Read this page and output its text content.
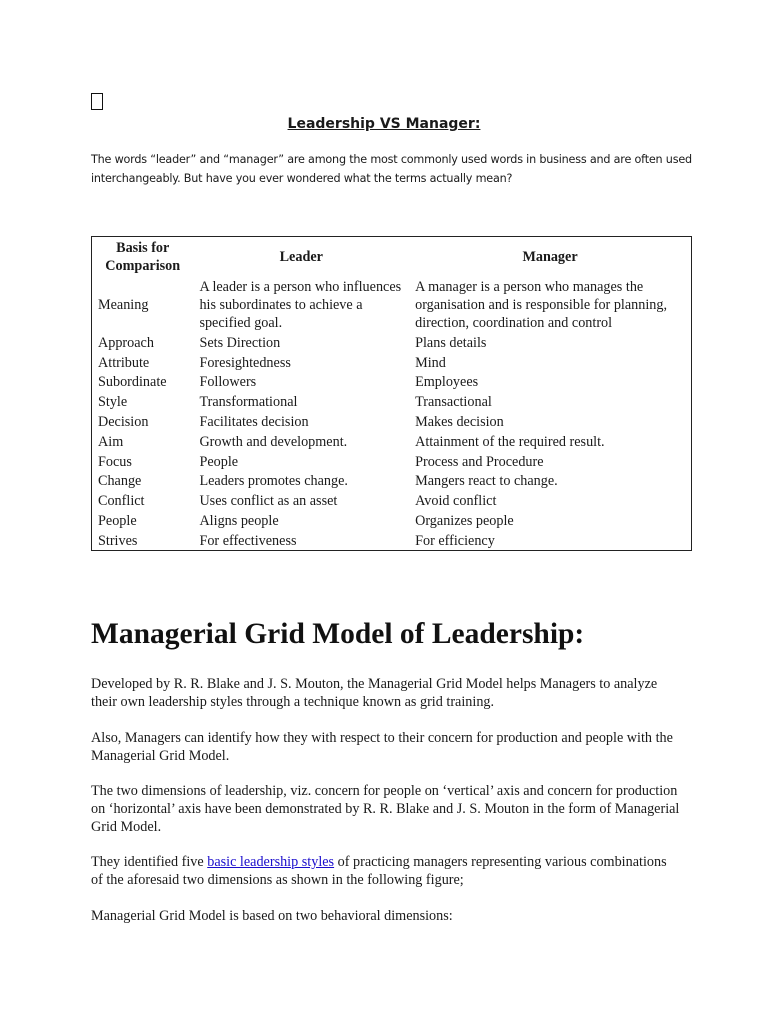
Leadership VS Manager:
The words “leader” and “manager” are among the most commonly used words in business and are often used interchangeably. But have you ever wondered what the terms actually mean?
Basis for Comparison	Leader	Manager
Meaning	A leader is a person who influences his subordinates to achieve a specified goal.	A manager is a person who manages the organisation and is responsible for planning, direction, coordination and control
Approach	Sets Direction	Plans details
Attribute	Foresightedness	Mind
Subordinate	Followers	Employees
Style	Transformational	Transactional
Decision	Facilitates decision	Makes decision
Aim	Growth and development.	Attainment of the required result.
Focus	People	Process and Procedure
Change	Leaders promotes change.	Mangers react to change.
Conflict	Uses conflict as an asset	Avoid conflict
People	Aligns people	Organizes people
Strives	For effectiveness	For efficiency
Managerial Grid Model of Leadership:
Developed by R. R. Blake and J. S. Mouton, the Managerial Grid Model helps Managers to analyze their own leadership styles through a technique known as grid training.
Also, Managers can identify how they with respect to their concern for production and people with the Managerial Grid Model.
The two dimensions of leadership, viz. concern for people on ‘vertical’ axis and concern for production on ‘horizontal’ axis have been demonstrated by R. R. Blake and J. S. Mouton in the form of Managerial Grid Model.
They identified five basic leadership styles of practicing managers representing various combinations of the aforesaid two dimensions as shown in the following figure;
Managerial Grid Model is based on two behavioral dimensions:
